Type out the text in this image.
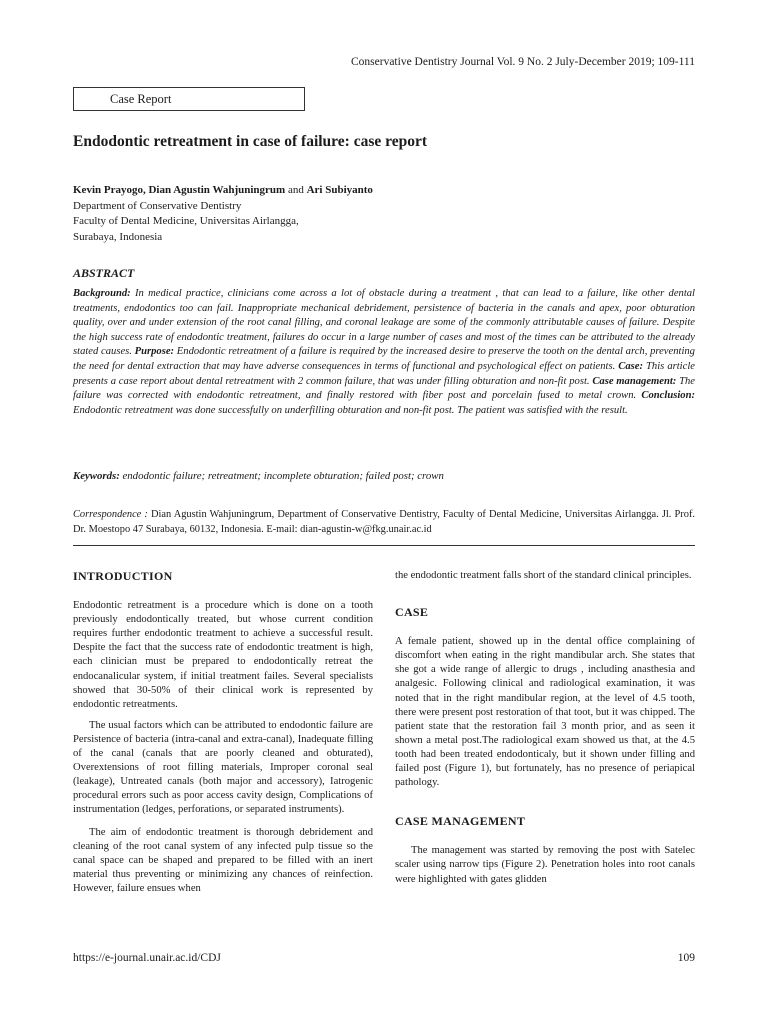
Conservative Dentistry Journal Vol. 9 No. 2 July-December 2019; 109-111
Case Report
Endodontic retreatment in case of failure: case report
Kevin Prayogo, Dian Agustin Wahjuningrum and Ari Subiyanto
Department of Conservative Dentistry
Faculty of Dental Medicine, Universitas Airlangga,
Surabaya, Indonesia
ABSTRACT
Background: In medical practice, clinicians come across a lot of obstacle during a treatment , that can lead to a failure, like other dental treatments, endodontics too can fail. Inappropriate mechanical debridement, persistence of bacteria in the canals and apex, poor obturation quality, over and under extension of the root canal filling, and coronal leakage are some of the commonly attributable causes of failure. Despite the high success rate of endodontic treatment, failures do occur in a large number of cases and most of the times can be attributed to the already stated causes. Purpose: Endodontic retreatment of a failure is required by the increased desire to preserve the tooth on the dental arch, preventing the need for dental extraction that may have adverse consequences in terms of functional and psychological effect on patients. Case: This article presents a case report about dental retreatment with 2 common failure, that was under filling obturation and non-fit post. Case management: The failure was corrected with endodontic retreatment, and finally restored with fiber post and porcelain fused to metal crown. Conclusion: Endodontic retreatment was done successfully on underfilling obturation and non-fit post. The patient was satisfied with the result.
Keywords: endodontic failure; retreatment; incomplete obturation; failed post; crown
Correspondence : Dian Agustin Wahjuningrum, Department of Conservative Dentistry, Faculty of Dental Medicine, Universitas Airlangga. Jl. Prof. Dr. Moestopo 47 Surabaya, 60132, Indonesia. E-mail: dian-agustin-w@fkg.unair.ac.id
INTRODUCTION

Endodontic retreatment is a procedure which is done on a tooth previously endodontically treated, but whose current condition requires further endodontic treatment to achieve a successful result. Despite the fact that the success rate of endodontic treatment is high, each clinician must be prepared to endodontically retreat the endocanalicular system, if initial treatment failes. Several specialists showed that 30-50% of their clinical work is represented by endodontic retreatments.

The usual factors which can be attributed to endodontic failure are Persistence of bacteria (intra-canal and extra-canal), Inadequate filling of the canal (canals that are poorly cleaned and obturated), Overextensions of root filling materials, Improper coronal seal (leakage), Untreated canals (both major and accessory), Iatrogenic procedural errors such as poor access cavity design, Complications of instrumentation (ledges, perforations, or separated instruments).

The aim of endodontic treatment is thorough debridement and cleaning of the root canal system of any infected pulp tissue so the canal space can be shaped and prepared to be filled with an inert material thus preventing or minimizing any chances of reinfection. However, failure ensues when

the endodontic treatment falls short of the standard clinical principles.

CASE

A female patient, showed up in the dental office complaining of discomfort when eating in the right mandibular arch. She states that she got a wide range of allergic to drugs , including anasthesia and analgesic. Following clinical and radiological examination, it was noted that in the right mandibular region, at the level of 4.5 tooth, there were present post restoration of that toot, but it was chipped. The patient state that the restoration fail 3 month prior, and as seen it shown a metal post.The radiological exam showed us that, at the 4.5 tooth had been treated endodonticaly, but it shown under filling and failed post (Figure 1), but fortunately, has no presence of periapical pathology.

CASE MANAGEMENT

The management was started by removing the post with Satelec scaler using narrow tips (Figure 2). Penetration holes into root canals were highlighted with gates glidden

https://e-journal.unair.ac.id/CDJ	109
